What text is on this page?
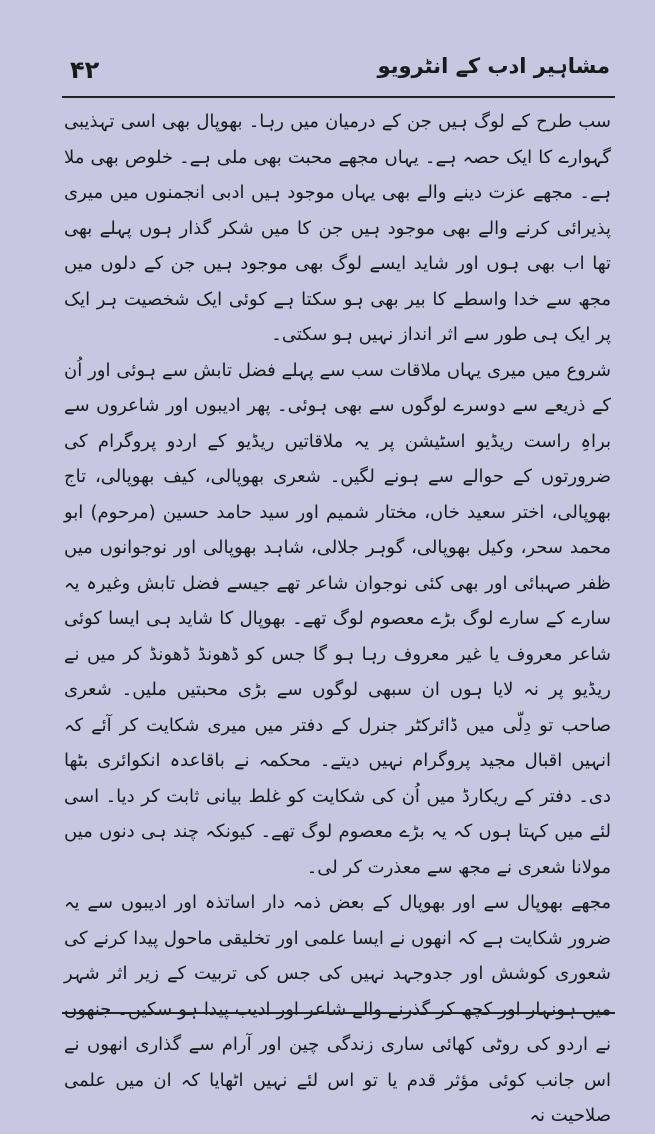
۴۲	مشاہیر ادب کے انٹرویو

سب طرح کے لوگ ہیں جن کے درمیان میں رہا۔ بھوپال بھی اسی تہذیبی گہوارے کا ایک حصہ ہے۔ یہاں مجھے محبت بھی ملی ہے۔ خلوص بھی ملا ہے۔ مجھے عزت دینے والے بھی یہاں موجود ہیں ادبی انجمنوں میں میری پذیرائی کرنے والے بھی موجود ہیں جن کا میں شکر گذار ہوں پہلے بھی تھا اب بھی ہوں اور شاید ایسے لوگ بھی موجود ہیں جن کے دلوں میں مجھ سے خدا واسطے کا بیر بھی ہو سکتا ہے کوئی ایک شخصیت ہر ایک پر ایک ہی طور سے اثر انداز نہیں ہو سکتی۔

شروع میں میری یہاں ملاقات سب سے پہلے فضل تابش سے ہوئی اور اُن کے ذریعے سے دوسرے لوگوں سے بھی ہوئی۔ پھر ادیبوں اور شاعروں سے براہِ راست ریڈیو اسٹیشن پر یہ ملاقاتیں ریڈیو کے اردو پروگرام کی ضرورتوں کے حوالے سے ہونے لگیں۔ شعری بھوپالی، کیف بھوپالی، تاج بھوپالی، اختر سعید خاں، مختار شمیم اور سید حامد حسین (مرحوم) ابو محمد سحر، وکیل بھوپالی، گوہر جلالی، شاہد بھوپالی اور نوجوانوں میں ظفر صہبائی اور بھی کئی نوجوان شاعر تھے جیسے فضل تابش وغیرہ یہ سارے کے سارے لوگ بڑے معصوم لوگ تھے۔ بھوپال کا شاید ہی ایسا کوئی شاعر معروف یا غیر معروف رہا ہو گا جس کو ڈھونڈ ڈھونڈ کر میں نے ریڈیو پر نہ لایا ہوں ان سبھی لوگوں سے بڑی محبتیں ملیں۔ شعری صاحب تو دِلّی میں ڈائرکٹر جنرل کے دفتر میں میری شکایت کر آئے کہ انہیں اقبال مجید پروگرام نہیں دیتے۔ محکمہ نے باقاعدہ انکوائری بٹھا دی۔ دفتر کے ریکارڈ میں اُن کی شکایت کو غلط بیانی ثابت کر دیا۔ اسی لئے میں کہتا ہوں کہ یہ بڑے معصوم لوگ تھے۔ کیونکہ چند ہی دنوں میں مولانا شعری نے مجھ سے معذرت کر لی۔

مجھے بھوپال سے اور بھوپال کے بعض ذمہ دار اساتذہ اور ادیبوں سے یہ ضرور شکایت ہے کہ انھوں نے ایسا علمی اور تخلیقی ماحول پیدا کرنے کی شعوری کوشش اور جدوجہد نہیں کی جس کی تربیت کے زیر اثر شہر میں ہونہار اور کچھ کر گذرنے والے شاعر اور ادیب پیدا ہو سکیں۔ جنھوں نے اردو کی روٹی کھائی ساری زندگی چین اور آرام سے گذاری انھوں نے اس جانب کوئی مؤثر قدم یا تو اس لئے نہیں اٹھایا کہ ان میں علمی صلاحیت نہ
